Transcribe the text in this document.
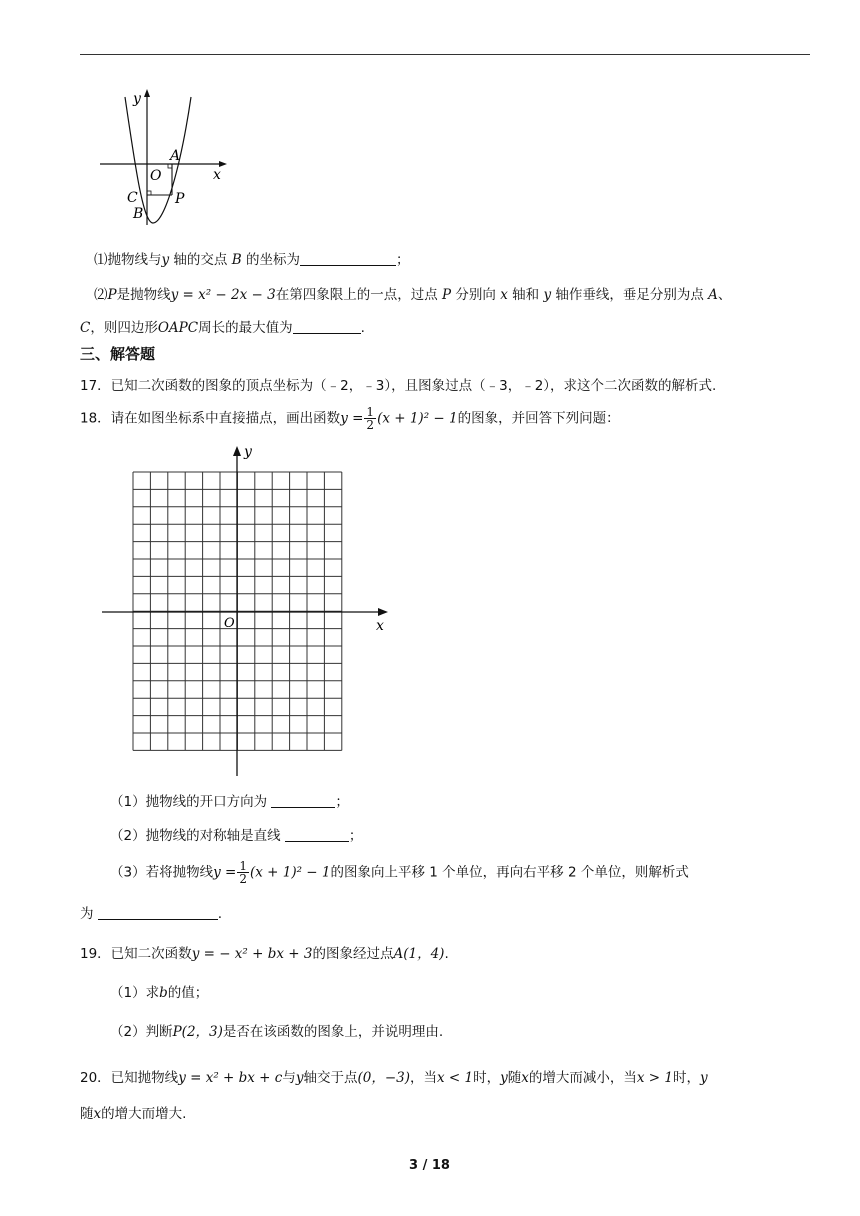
y
x
O
A
C
B
P
⑴抛物线与y 轴的交点 B 的坐标为	；
⑵P是抛物线y = x² − 2x − 3在第四象限上的一点，过点 P 分别向 x 轴和 y 轴作垂线，垂足分别为点 A、
C，则四边形OAPC周长的最大值为	.
三、解答题
17．已知二次函数的图象的顶点坐标为（﹣2，﹣3），且图象过点（﹣3，﹣2），求这个二次函数的解析式.
18．请在如图坐标系中直接描点，画出函数$y = \frac{1}{2} (x + 1)^2 - 1$的图象，并回答下列问题：
y
x
O
（1）抛物线的开口方向为	；
（2）抛物线的对称轴是直线	；
（3）若将抛物线$y = \frac{1}{2} (x + 1)^2 - 1$的图象向上平移 1 个单位，再向右平移 2 个单位，则解析式
为	.
19．已知二次函数y = − x² + bx + 3的图象经过点A(1，4).
（1）求b的值；
（2）判断P(2，3)是否在该函数的图象上，并说明理由.
20．已知抛物线y = x² + bx + c与y轴交于点(0，−3)，当x < 1时，y随x的增大而减小，当x > 1时，y
随x的增大而增大.
3 / 18
